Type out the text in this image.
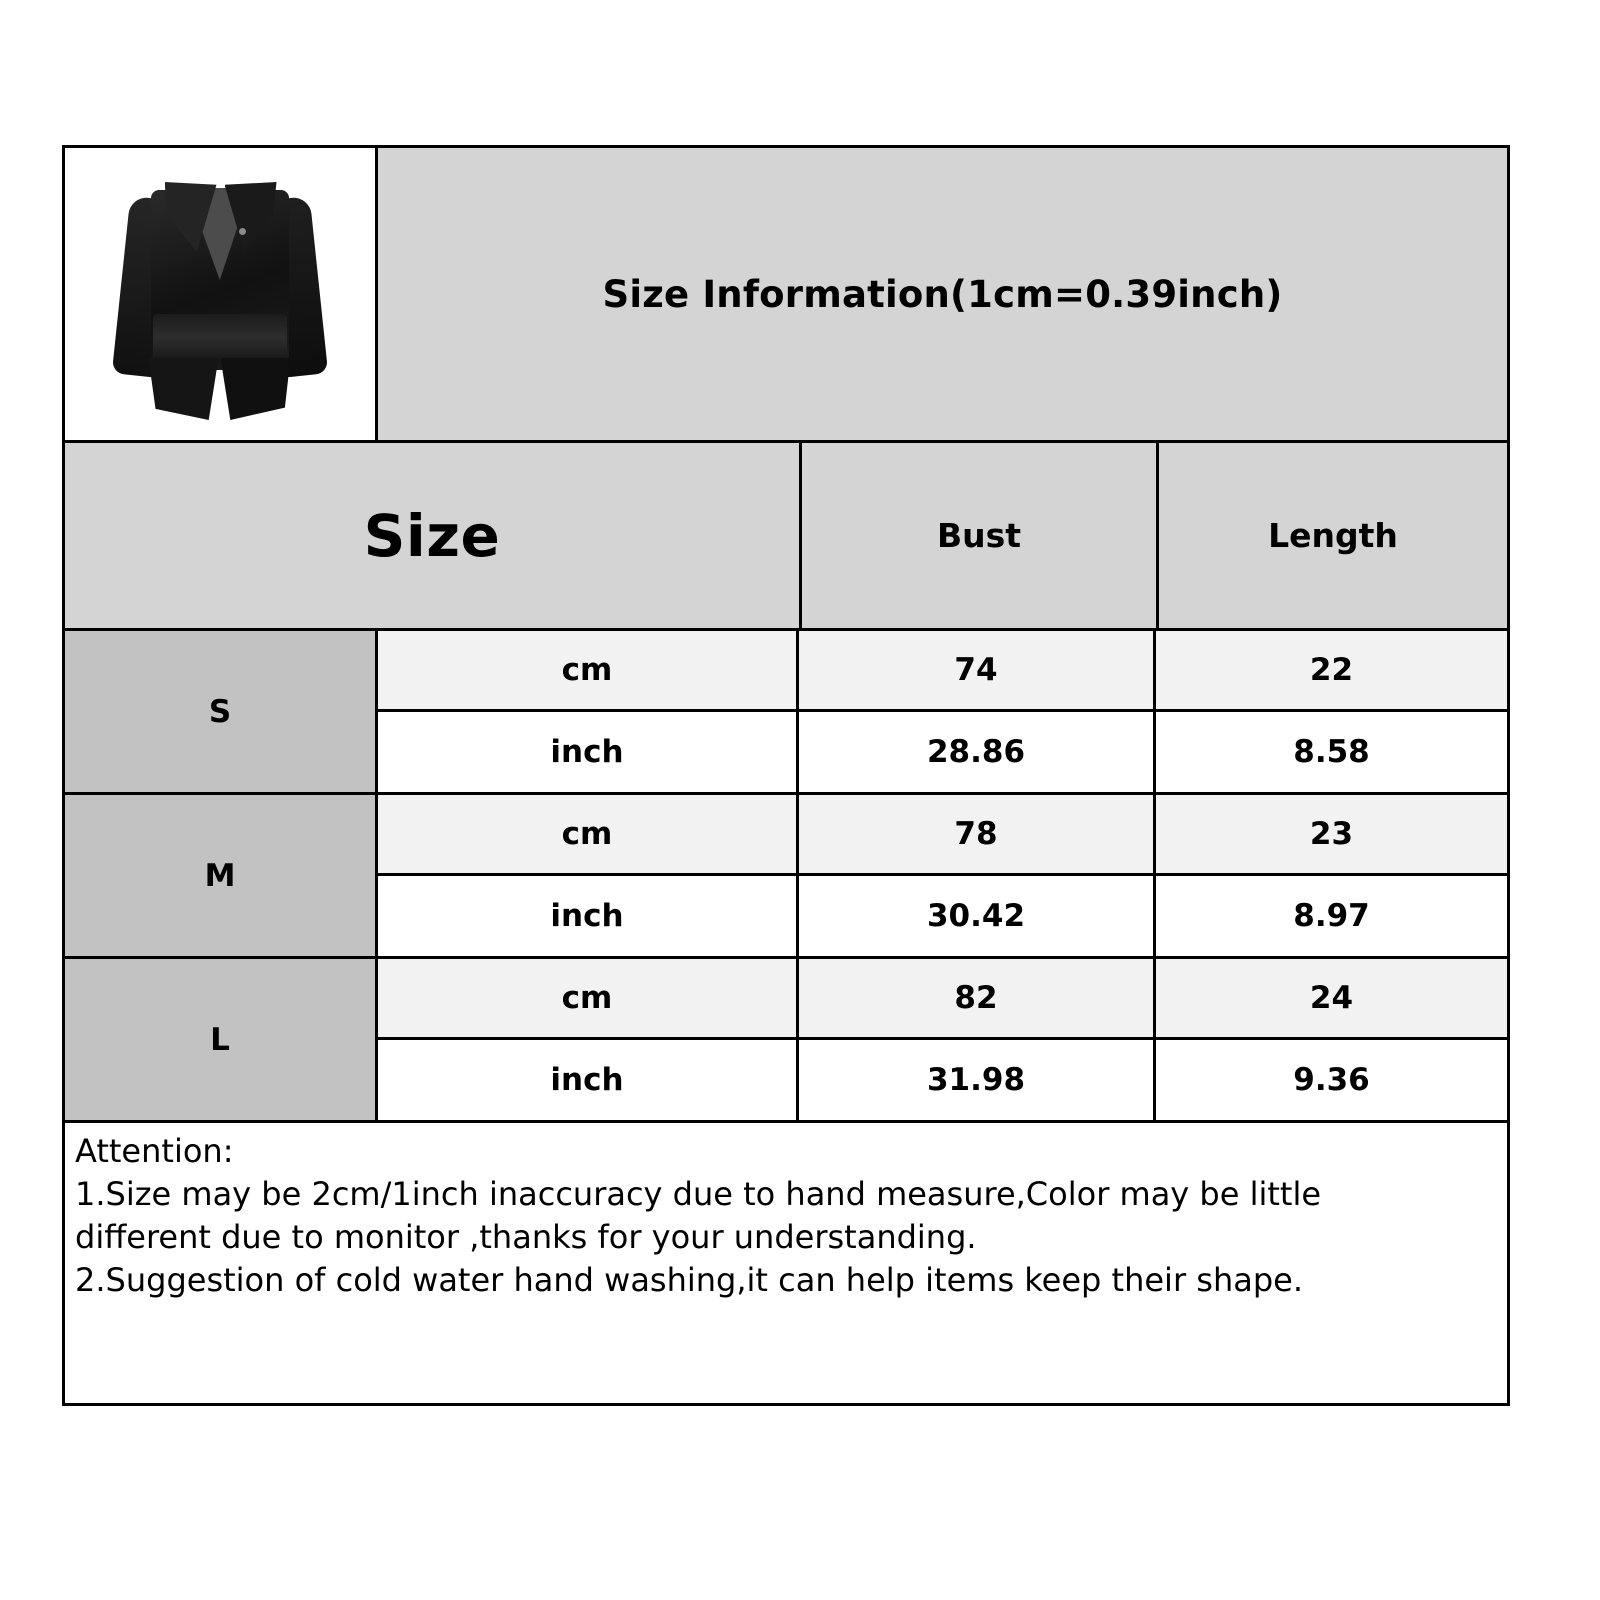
Size Information(1cm=0.39inch)
Size	Bust	Length
S
cm	74	22
inch	28.86	8.58
M
cm	78	23
inch	30.42	8.97
L
cm	82	24
inch	31.98	9.36

Attention:

1.Size may be 2cm/1inch inaccuracy due to hand measure,Color may be little

different due to monitor ,thanks for your understanding.

2.Suggestion of cold water hand washing,it can help items keep their shape.
